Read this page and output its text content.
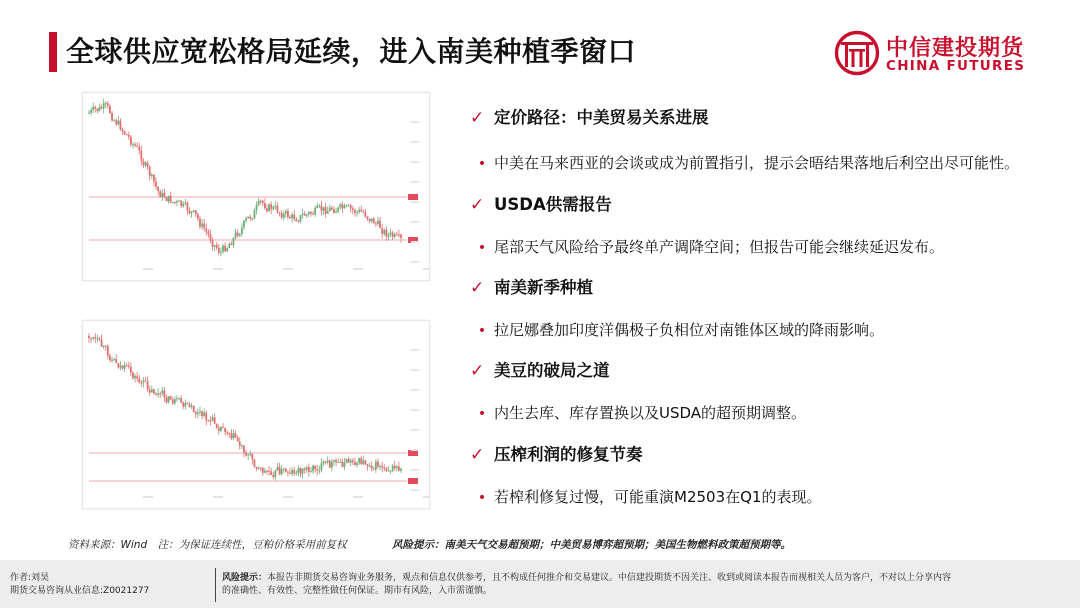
全球供应宽松格局延续，进入南美种植季窗口	中信建投期货
CHINA FUTURES
✓ 定价路径：中美贸易关系进展
• 中美在马来西亚的会谈或成为前置指引，提示会晤结果落地后利空出尽可能性。
✓ USDA供需报告
• 尾部天气风险给予最终单产调降空间；但报告可能会继续延迟发布。
✓ 南美新季种植
• 拉尼娜叠加印度洋偶极子负相位对南锥体区域的降雨影响。
✓ 美豆的破局之道
• 内生去库、库存置换以及USDA的超预期调整。
✓ 压榨利润的修复节奏
• 若榨利修复过慢，可能重演M2503在Q1的表现。
资料来源：Wind　注：为保证连续性，豆粕价格采用前复权	风险提示：南美天气交易超预期；中美贸易博弈超预期；美国生物燃料政策超预期等。
作者:刘昊
期货交易咨询从业信息:Z0021277
风险提示：本报告非期货交易咨询业务服务，观点和信息仅供参考，且不构成任何推介和交易建议。中信建投期货不因关注、收到或阅读本报告而视相关人员为客户，不对以上分享内容
的准确性、有效性、完整性做任何保证。期市有风险，入市需谨慎。
